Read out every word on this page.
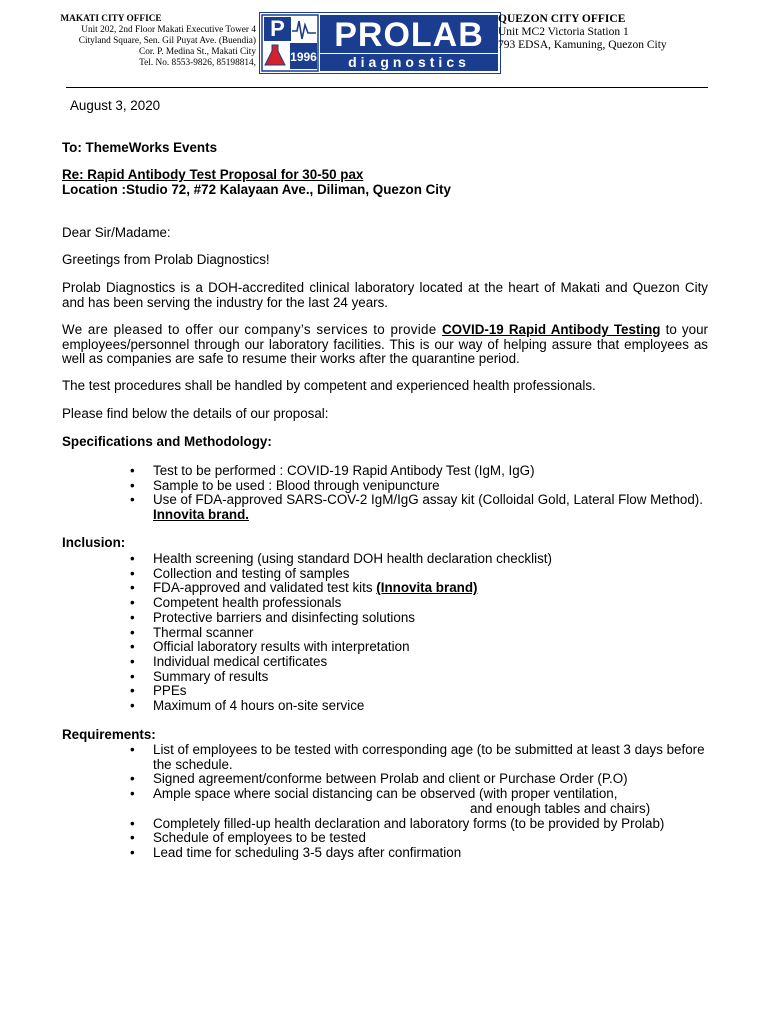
MAKATI CITY OFFICE
Unit 202, 2nd Floor Makati Executive Tower 4
Cityland Square, Sen. Gil Puyat Ave. (Buendia)
Cor. P. Medina St., Makati City
Tel. No. 8553-9826, 85198814,
P
1996
PROLAB
diagnostics
QUEZON CITY OFFICE
Unit MC2 Victoria Station 1
793 EDSA, Kamuning, Quezon City
August 3, 2020
To: ThemeWorks Events
Re: Rapid Antibody Test Proposal for 30-50 pax
Location :Studio 72, #72 Kalayaan Ave., Diliman, Quezon City
Dear Sir/Madame:
Greetings from Prolab Diagnostics!
Prolab Diagnostics is a DOH-accredited clinical laboratory located at the heart of Makati and Quezon City and has been serving the industry for the last 24 years.
We are pleased to offer our company’s services to provide COVID-19 Rapid Antibody Testing to your employees/personnel through our laboratory facilities. This is our way of helping assure that employees as well as companies are safe to resume their works after the quarantine period.
The test procedures shall be handled by competent and experienced health professionals.
Please find below the details of our proposal:
Specifications and Methodology:
• Test to be performed : COVID-19 Rapid Antibody Test (IgM, IgG)
• Sample to be used : Blood through venipuncture
• Use of FDA-approved SARS-COV-2 IgM/IgG assay kit (Colloidal Gold, Lateral Flow Method). Innovita brand.
Inclusion:
• Health screening (using standard DOH health declaration checklist)
• Collection and testing of samples
• FDA-approved and validated test kits (Innovita brand)
• Competent health professionals
• Protective barriers and disinfecting solutions
• Thermal scanner
• Official laboratory results with interpretation
• Individual medical certificates
• Summary of results
• PPEs
• Maximum of 4 hours on-site service
Requirements:
• List of employees to be tested with corresponding age (to be submitted at least 3 days before the schedule.
• Signed agreement/conforme between Prolab and client or Purchase Order (P.O)
• Ample space where social distancing can be observed (with proper ventilation,
and enough tables and chairs)
• Completely filled-up health declaration and laboratory forms (to be provided by Prolab)
• Schedule of employees to be tested
• Lead time for scheduling 3-5 days after confirmation
